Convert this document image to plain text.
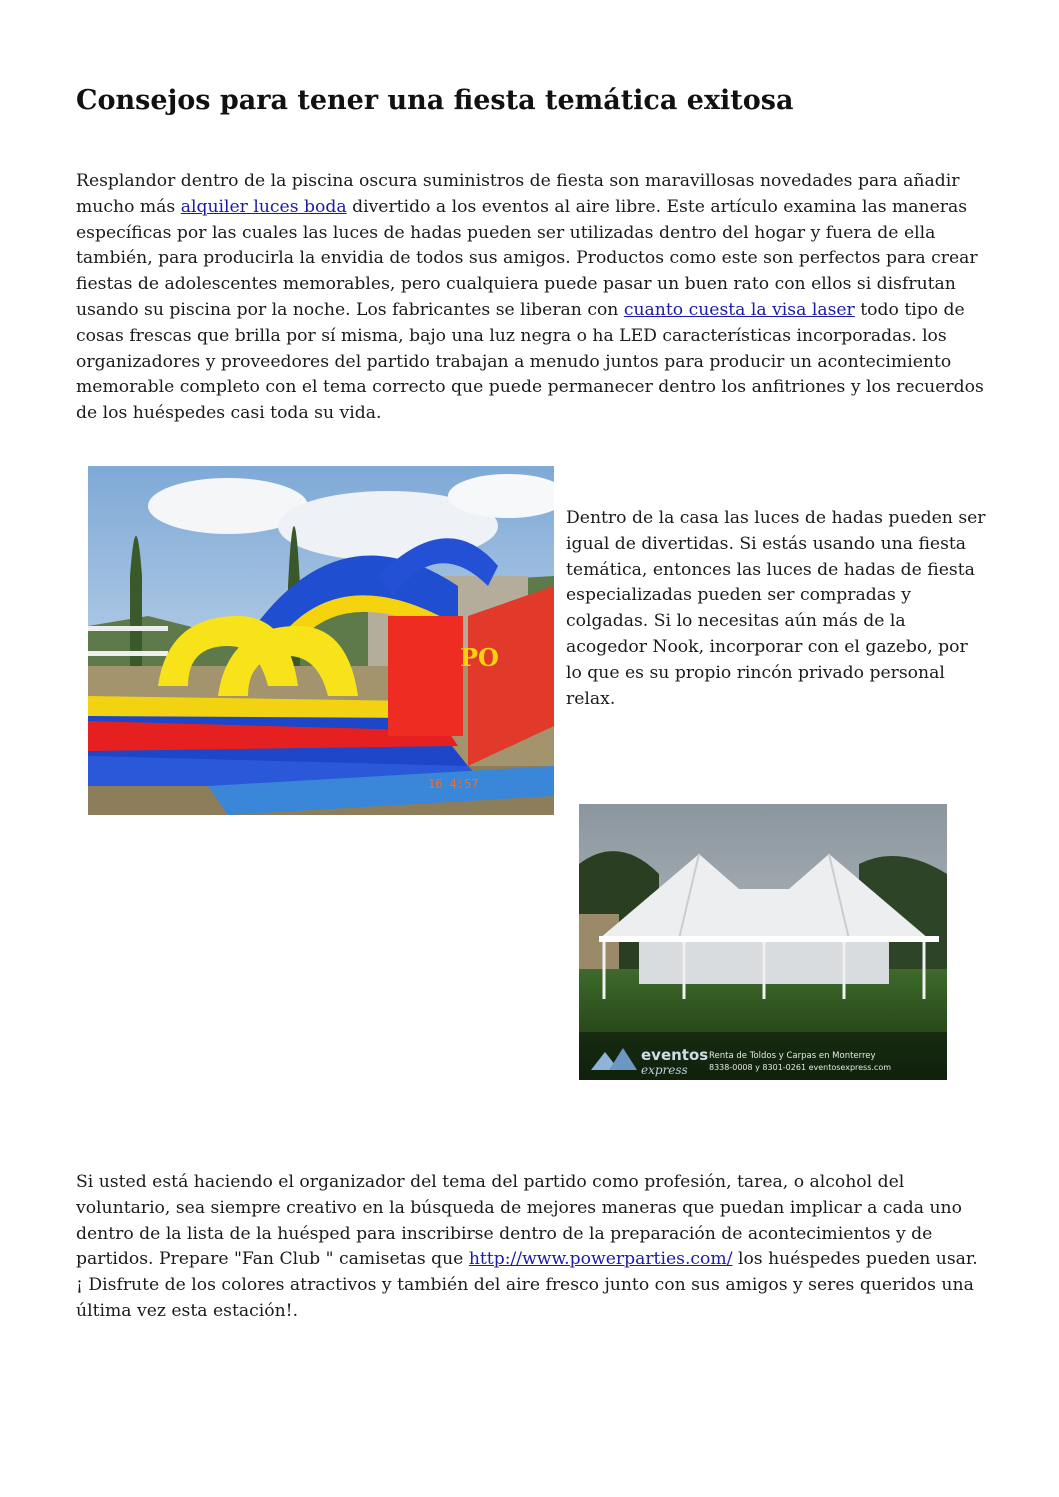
Consejos para tener una fiesta temática exitosa

Resplandor dentro de la piscina oscura suministros de fiesta son maravillosas novedades para añadir mucho más alquiler luces boda divertido a los eventos al aire libre. Este artículo examina las maneras específicas por las cuales las luces de hadas pueden ser utilizadas dentro del hogar y fuera de ella también, para producirla la envidia de todos sus amigos. Productos como este son perfectos para crear fiestas de adolescentes memorables, pero cualquiera puede pasar un buen rato con ellos si disfrutan usando su piscina por la noche. Los fabricantes se liberan con cuanto cuesta la visa laser todo tipo de cosas frescas que brilla por sí misma, bajo una luz negra o ha LED características incorporadas. los organizadores y proveedores del partido trabajan a menudo juntos para producir un acontecimiento memorable completo con el tema correcto que puede permanecer dentro los anfitriones y los recuerdos de los huéspedes casi toda su vida.

PO
16 4:57

Dentro de la casa las luces de hadas pueden ser igual de divertidas. Si estás usando una fiesta temática, entonces las luces de hadas de fiesta especializadas pueden ser compradas y colgadas. Si lo necesitas aún más de la acogedor Nook, incorporar con el gazebo, por lo que es su propio rincón privado personal relax.

eventos
express
Renta de Toldos y Carpas en Monterrey
8338-0008 y 8301-0261 eventosexpress.com

Si usted está haciendo el organizador del tema del partido como profesión, tarea, o alcohol del voluntario, sea siempre creativo en la búsqueda de mejores maneras que puedan implicar a cada uno dentro de la lista de la huésped para inscribirse dentro de la preparación de acontecimientos y de partidos. Prepare "Fan Club " camisetas que http://www.powerparties.com/ los huéspedes pueden usar. ¡ Disfrute de los colores atractivos y también del aire fresco junto con sus amigos y seres queridos una última vez esta estación!.
